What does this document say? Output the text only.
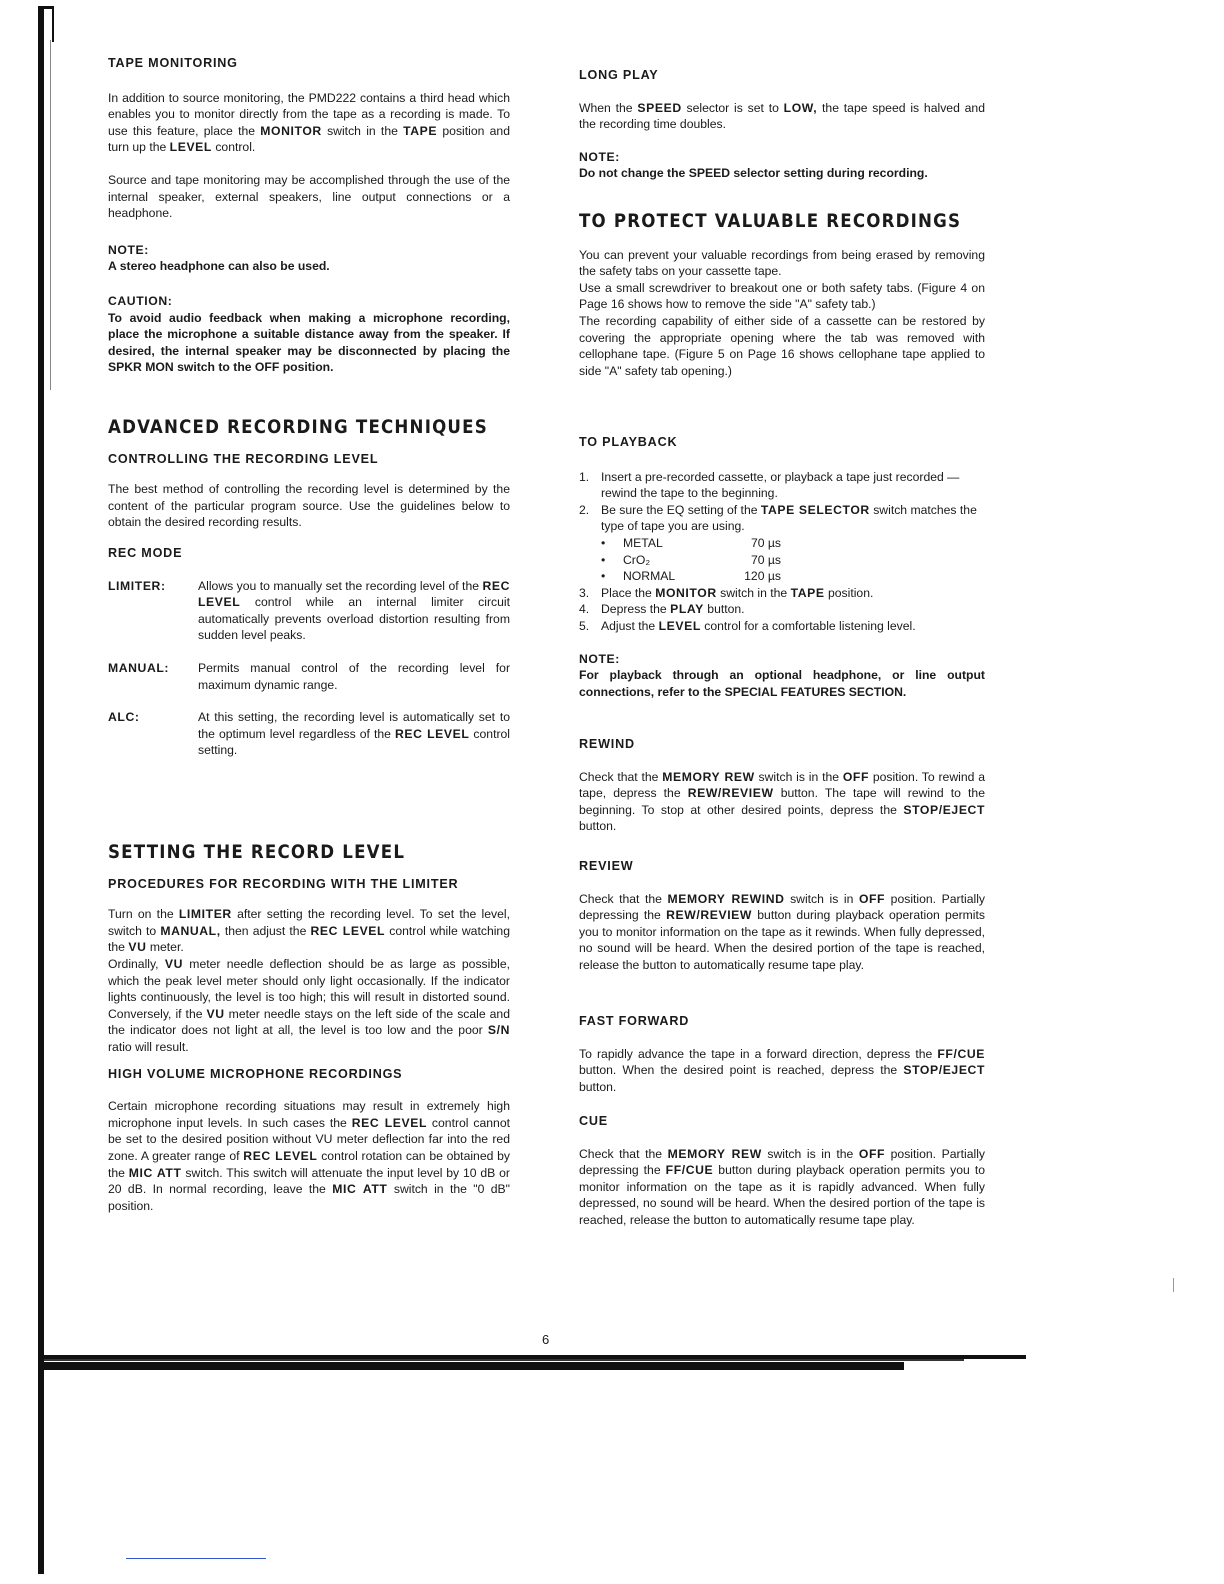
TAPE MONITORING

In addition to source monitoring, the PMD222 contains a third head which enables you to monitor directly from the tape as a recording is made. To use this feature, place the MONITOR switch in the TAPE position and turn up the LEVEL control.

Source and tape monitoring may be accomplished through the use of the internal speaker, external speakers, line output connections or a headphone.

NOTE:
A stereo headphone can also be used.
CAUTION:

To avoid audio feedback when making a microphone recording, place the microphone a suitable distance away from the speaker. If desired, the internal speaker may be disconnected by placing the SPKR MON switch to the OFF position.

ADVANCED RECORDING TECHNIQUES
CONTROLLING THE RECORDING LEVEL

The best method of controlling the recording level is determined by the content of the particular program source. Use the guidelines below to obtain the desired recording results.

REC MODE
LIMITER:	Allows you to manually set the recording level of the REC LEVEL control while an internal limiter circuit automatically prevents overload distortion resulting from sudden level peaks.
MANUAL:	Permits manual control of the recording level for maximum dynamic range.
ALC:	At this setting, the recording level is automatically set to the optimum level regardless of the REC LEVEL control setting.
SETTING THE RECORD LEVEL
PROCEDURES FOR RECORDING WITH THE LIMITER

Turn on the LIMITER after setting the recording level. To set the level, switch to MANUAL, then adjust the REC LEVEL control while watching the VU meter.

Ordinally, VU meter needle deflection should be as large as possible, which the peak level meter should only light occasionally. If the indicator lights continuously, the level is too high; this will result in distorted sound. Conversely, if the VU meter needle stays on the left side of the scale and the indicator does not light at all, the level is too low and the poor S/N ratio will result.

HIGH VOLUME MICROPHONE RECORDINGS

Certain microphone recording situations may result in extremely high microphone input levels. In such cases the REC LEVEL control cannot be set to the desired position without VU meter deflection far into the red zone. A greater range of REC LEVEL control rotation can be obtained by the MIC ATT switch. This switch will attenuate the input level by 10 dB or 20 dB. In normal recording, leave the MIC ATT switch in the "0 dB" position.

LONG PLAY

When the SPEED selector is set to LOW, the tape speed is halved and the recording time doubles.

NOTE:
Do not change the SPEED selector setting during recording.
TO PROTECT VALUABLE RECORDINGS

You can prevent your valuable recordings from being erased by removing the safety tabs on your cassette tape.

Use a small screwdriver to breakout one or both safety tabs. (Figure 4 on Page 16 shows how to remove the side "A" safety tab.)

The recording capability of either side of a cassette can be restored by covering the appropriate opening where the tab was removed with cellophane tape. (Figure 5 on Page 16 shows cellophane tape applied to side "A" safety tab opening.)

TO PLAYBACK
1. Insert a pre-recorded cassette, or playback a tape just recorded — rewind the tape to the beginning.
2. Be sure the EQ setting of the TAPE SELECTOR switch matches the type of tape you are using.
•	METAL	70 µs
•	CrO₂	70 µs
•	NORMAL	120 µs
3. Place the MONITOR switch in the TAPE position.
4. Depress the PLAY button.
5. Adjust the LEVEL control for a comfortable listening level.
NOTE:

For playback through an optional headphone, or line output connections, refer to the SPECIAL FEATURES SECTION.

REWIND

Check that the MEMORY REW switch is in the OFF position. To rewind a tape, depress the REW/REVIEW button. The tape will rewind to the beginning. To stop at other desired points, depress the STOP/EJECT button.

REVIEW

Check that the MEMORY REWIND switch is in OFF position. Partially depressing the REW/REVIEW button during playback operation permits you to monitor information on the tape as it rewinds. When fully depressed, no sound will be heard. When the desired portion of the tape is reached, release the button to automatically resume tape play.

FAST FORWARD

To rapidly advance the tape in a forward direction, depress the FF/CUE button. When the desired point is reached, depress the STOP/EJECT button.

CUE

Check that the MEMORY REW switch is in the OFF position. Partially depressing the FF/CUE button during playback operation permits you to monitor information on the tape as it is rapidly advanced. When fully depressed, no sound will be heard. When the desired portion of the tape is reached, release the button to automatically resume tape play.

6
